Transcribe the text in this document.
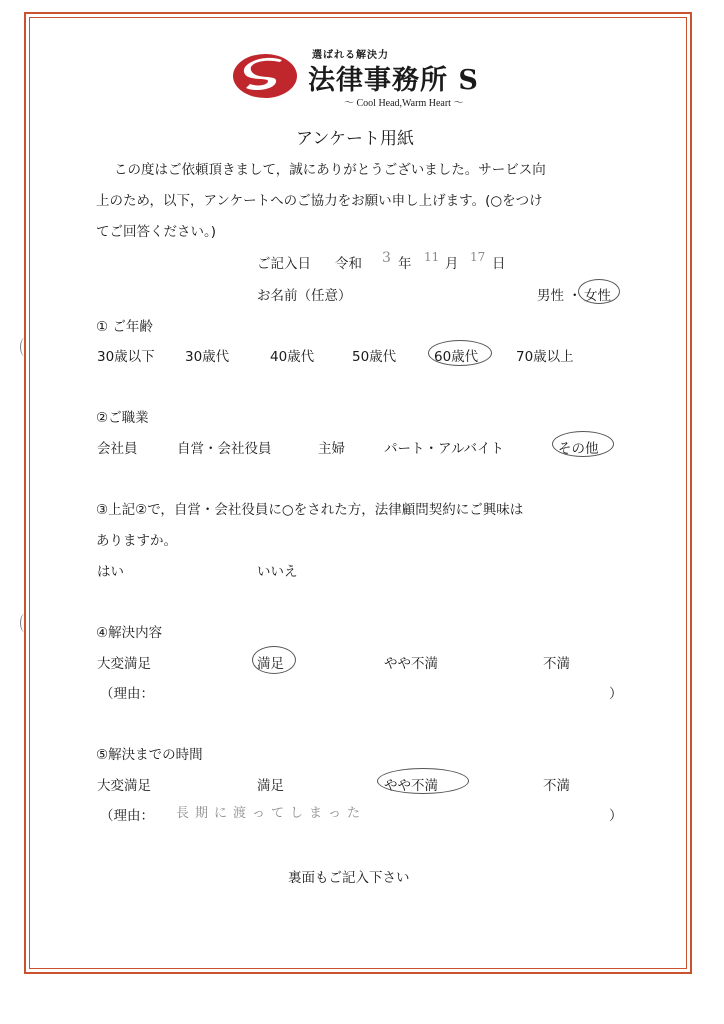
選ばれる解決力
法律事務所 S
〜 Cool Head,Warm Heart 〜
アンケート用紙
この度はご依頼頂きまして，誠にありがとうございました。サービス向
上のため，以下，アンケートへのご協力をお願い申し上げます。(○をつけ
てご回答ください。)
ご記入日 令和 3 年 11 月 17 日
お名前（任意）	男性 ・ 女性
① ご年齢
30歳以下 30歳代	40歳代	50歳代	60歳代	70歳以上
②ご職業
会社員	自営・会社役員	主婦	パート・アルバイト	その他
③上記②で，自営・会社役員に○をされた方，法律顧問契約にご興味は
ありますか。
はい	いいえ
④解決内容
大変満足	満足	やや不満	不満
（理由：	）
⑤解決までの時間
大変満足	満足	やや不満	不満
（理由： 長期に渡ってしまった	）
裏面もご記入下さい
